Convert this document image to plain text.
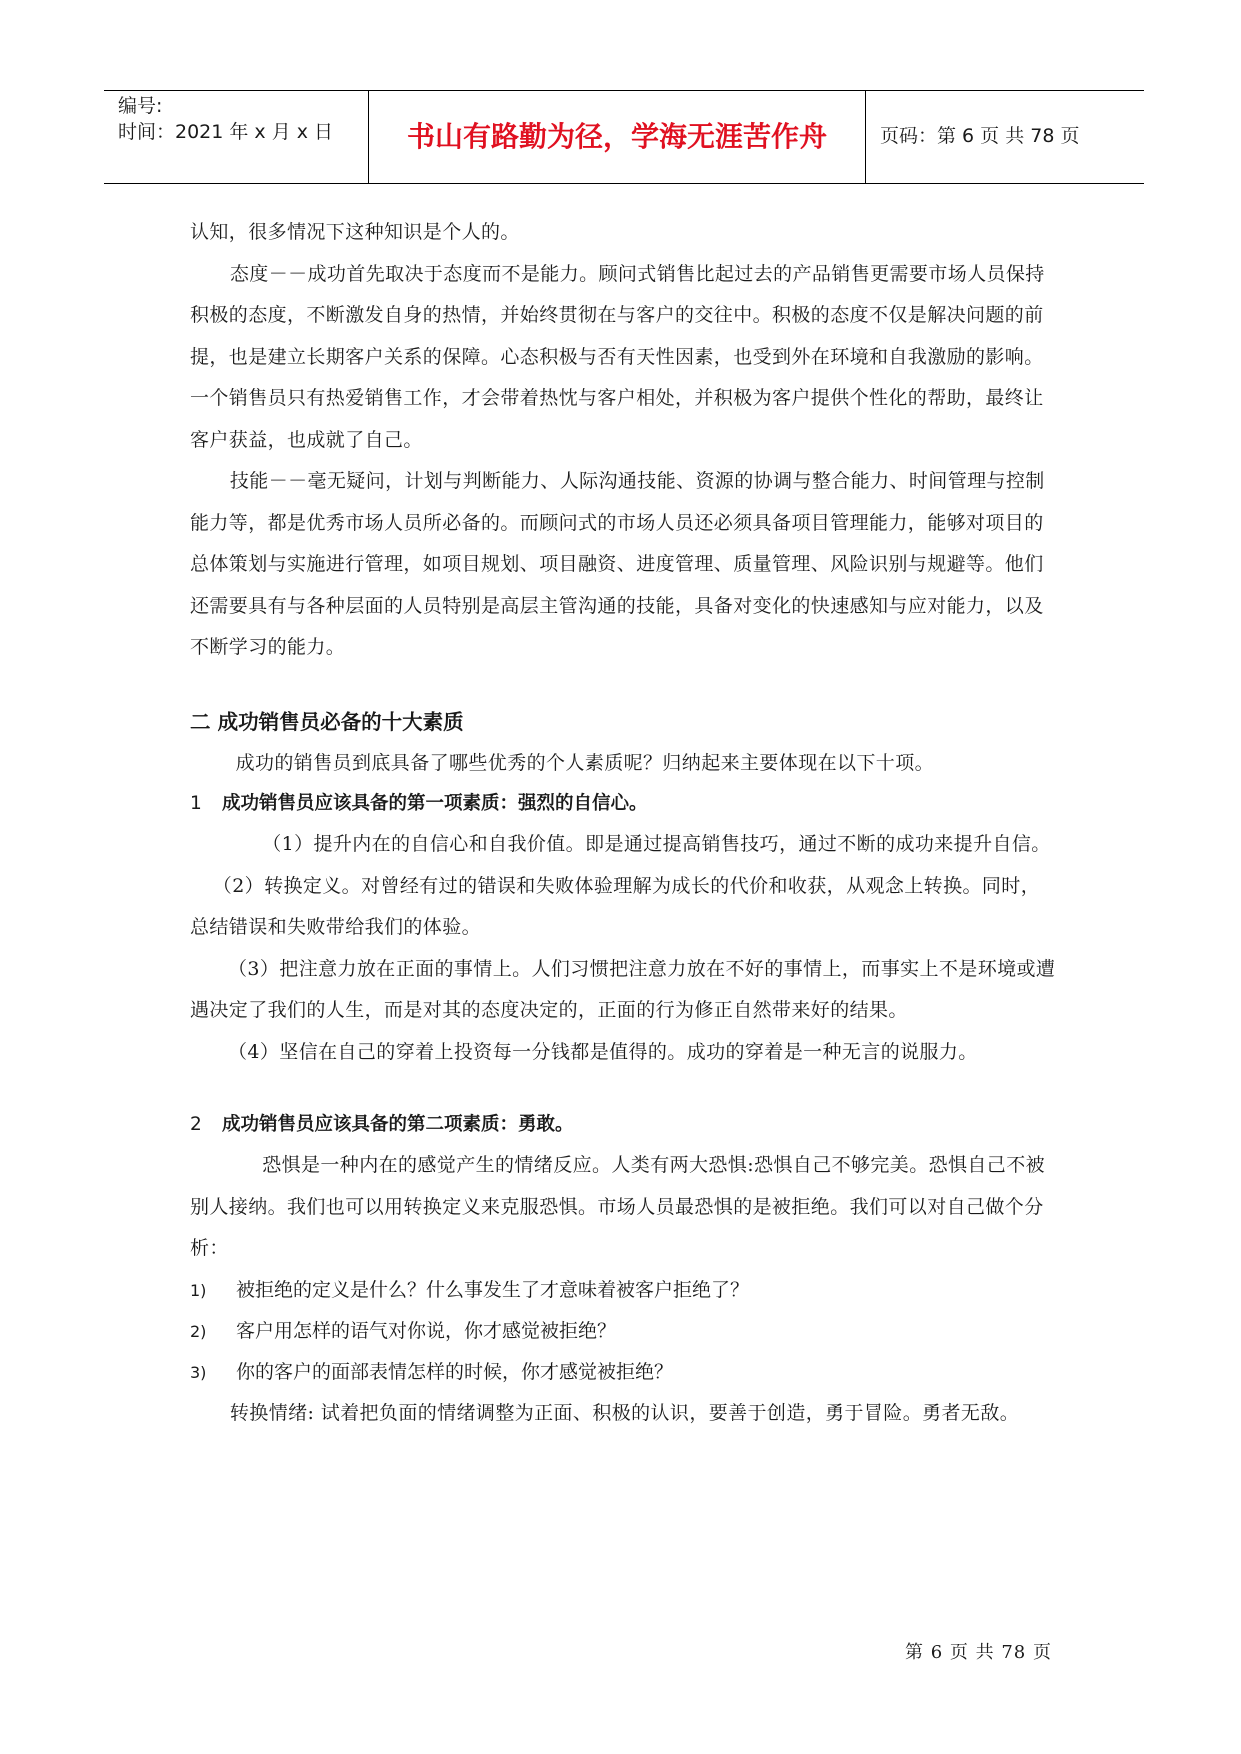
编号:
时间：2021 年 x 月 x 日	书山有路勤为径，学海无涯苦作舟	页码：第 6 页 共 78 页

认知，很多情况下这种知识是个人的。

态度－－成功首先取决于态度而不是能力。顾问式销售比起过去的产品销售更需要市场人员保持积极的态度，不断激发自身的热情，并始终贯彻在与客户的交往中。积极的态度不仅是解决问题的前提，也是建立长期客户关系的保障。心态积极与否有天性因素，也受到外在环境和自我激励的影响。一个销售员只有热爱销售工作，才会带着热忱与客户相处，并积极为客户提供个性化的帮助，最终让客户获益，也成就了自己。

技能－－毫无疑问，计划与判断能力、人际沟通技能、资源的协调与整合能力、时间管理与控制能力等，都是优秀市场人员所必备的。而顾问式的市场人员还必须具备项目管理能力，能够对项目的总体策划与实施进行管理，如项目规划、项目融资、进度管理、质量管理、风险识别与规避等。他们还需要具有与各种层面的人员特别是高层主管沟通的技能，具备对变化的快速感知与应对能力，以及不断学习的能力。

二 成功销售员必备的十大素质

成功的销售员到底具备了哪些优秀的个人素质呢？归纳起来主要体现在以下十项。

1 成功销售员应该具备的第一项素质：强烈的自信心。

（1）提升内在的自信心和自我价值。即是通过提高销售技巧，通过不断的成功来提升自信。

（2）转换定义。对曾经有过的错误和失败体验理解为成长的代价和收获，从观念上转换。同时，总结错误和失败带给我们的体验。

（3）把注意力放在正面的事情上。人们习惯把注意力放在不好的事情上，而事实上不是环境或遭遇决定了我们的人生，而是对其的态度决定的，正面的行为修正自然带来好的结果。

（4）坚信在自己的穿着上投资每一分钱都是值得的。成功的穿着是一种无言的说服力。

2 成功销售员应该具备的第二项素质：勇敢。

恐惧是一种内在的感觉产生的情绪反应。人类有两大恐惧:恐惧自己不够完美。恐惧自己不被别人接纳。我们也可以用转换定义来克服恐惧。市场人员最恐惧的是被拒绝。我们可以对自己做个分析：

1) 被拒绝的定义是什么？什么事发生了才意味着被客户拒绝了？

2) 客户用怎样的语气对你说，你才感觉被拒绝？

3) 你的客户的面部表情怎样的时候，你才感觉被拒绝？

转换情绪: 试着把负面的情绪调整为正面、积极的认识，要善于创造，勇于冒险。勇者无敌。

第 6 页 共 78 页
